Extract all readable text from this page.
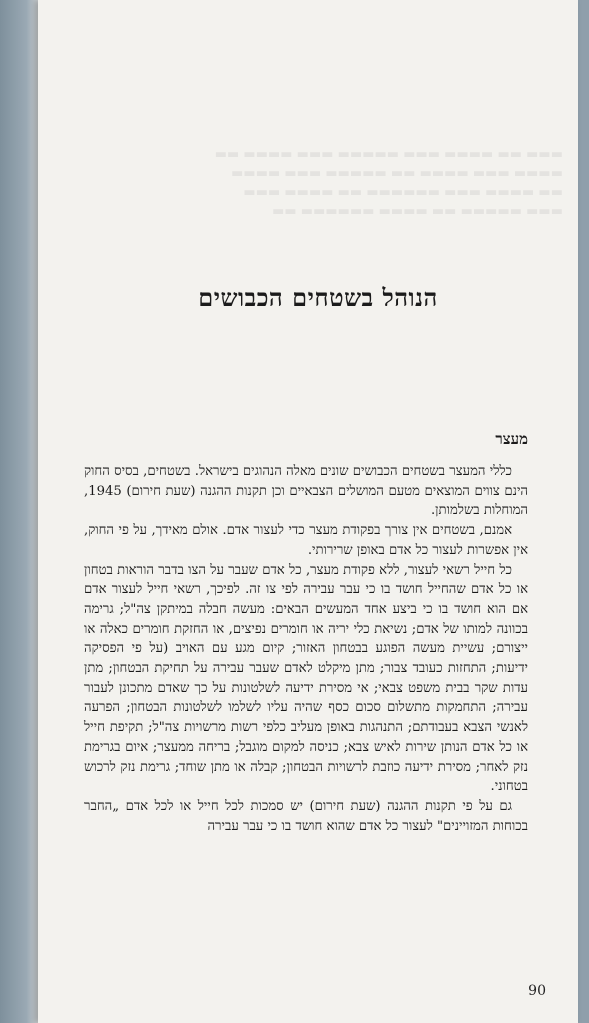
▬▬▬ ▬▬ ▬▬▬▬ ▬▬▬ ▬▬▬▬▬ ▬▬▬ ▬▬▬▬ ▬▬
▬▬▬▬ ▬▬▬ ▬▬▬▬ ▬▬ ▬▬▬▬▬ ▬▬▬ ▬▬▬▬
▬▬ ▬▬▬▬ ▬▬▬ ▬▬▬▬▬▬ ▬▬ ▬▬▬▬ ▬▬▬
▬▬▬ ▬▬▬▬▬ ▬▬ ▬▬▬▬ ▬▬▬▬▬▬ ▬▬
הנוהל בשטחים הכבושים
מעצר

כללי המעצר בשטחים הכבושים שונים מאלה הנהוגים בישראל. בשטחים, בסיס החוק הינם צווים המוצאים מטעם המושלים הצבאיים וכן תקנות ההגנה (שעת חירום) 1945, המוחלות בשלמותן.

אמנם, בשטחים אין צורך בפקודת מעצר כדי לעצור אדם. אולם מאידך, על פי החוק, אין אפשרות לעצור כל אדם באופן שרירותי.

כל חייל רשאי לעצור, ללא פקודת מעצר, כל אדם שעבר על הצו בדבר הוראות בטחון או כל אדם שהחייל חושד בו כי עבר עבירה לפי צו זה. לפיכך, רשאי חייל לעצור אדם אם הוא חושד בו כי ביצע אחד המעשים הבאים: מעשה חבלה במיתקן צה"ל; גרימה בכוונה למותו של אדם; נשיאת כלי יריה או חומרים נפיצים, או החזקת חומרים כאלה או ייצורם; עשיית מעשה הפוגע בבטחון האזור; קיום מגע עם האויב (על פי הפסיקה ידיעות; התחזות כעובד צבור; מתן מיקלט לאדם שעבר עבירה על תחיקת הבטחון; מתן עדות שקר בבית משפט צבאי; אי מסירת ידיעה לשלטונות על כך שאדם מתכונן לעבור עבירה; התחמקות מתשלום סכום כסף שהיה עליו לשלמו לשלטונות הבטחון; הפרעה לאנשי הצבא בעבודתם; התנהגות באופן מעליב כלפי רשות מרשויות צה"ל; תקיפת חייל או כל אדם הנותן שירות לאיש צבא; כניסה למקום מוגבל; בריחה ממעצר; איום בגרימת נזק לאחר; מסירת ידיעה כוזבת לרשויות הבטחון; קבלה או מתן שוחד; גרימת נזק לרכוש בטחוני.

גם על פי תקנות ההגנה (שעת חירום) יש סמכות לכל חייל או לכל אדם „החבר בכוחות המזויינים" לעצור כל אדם שהוא חושד בו כי עבר עבירה

90
